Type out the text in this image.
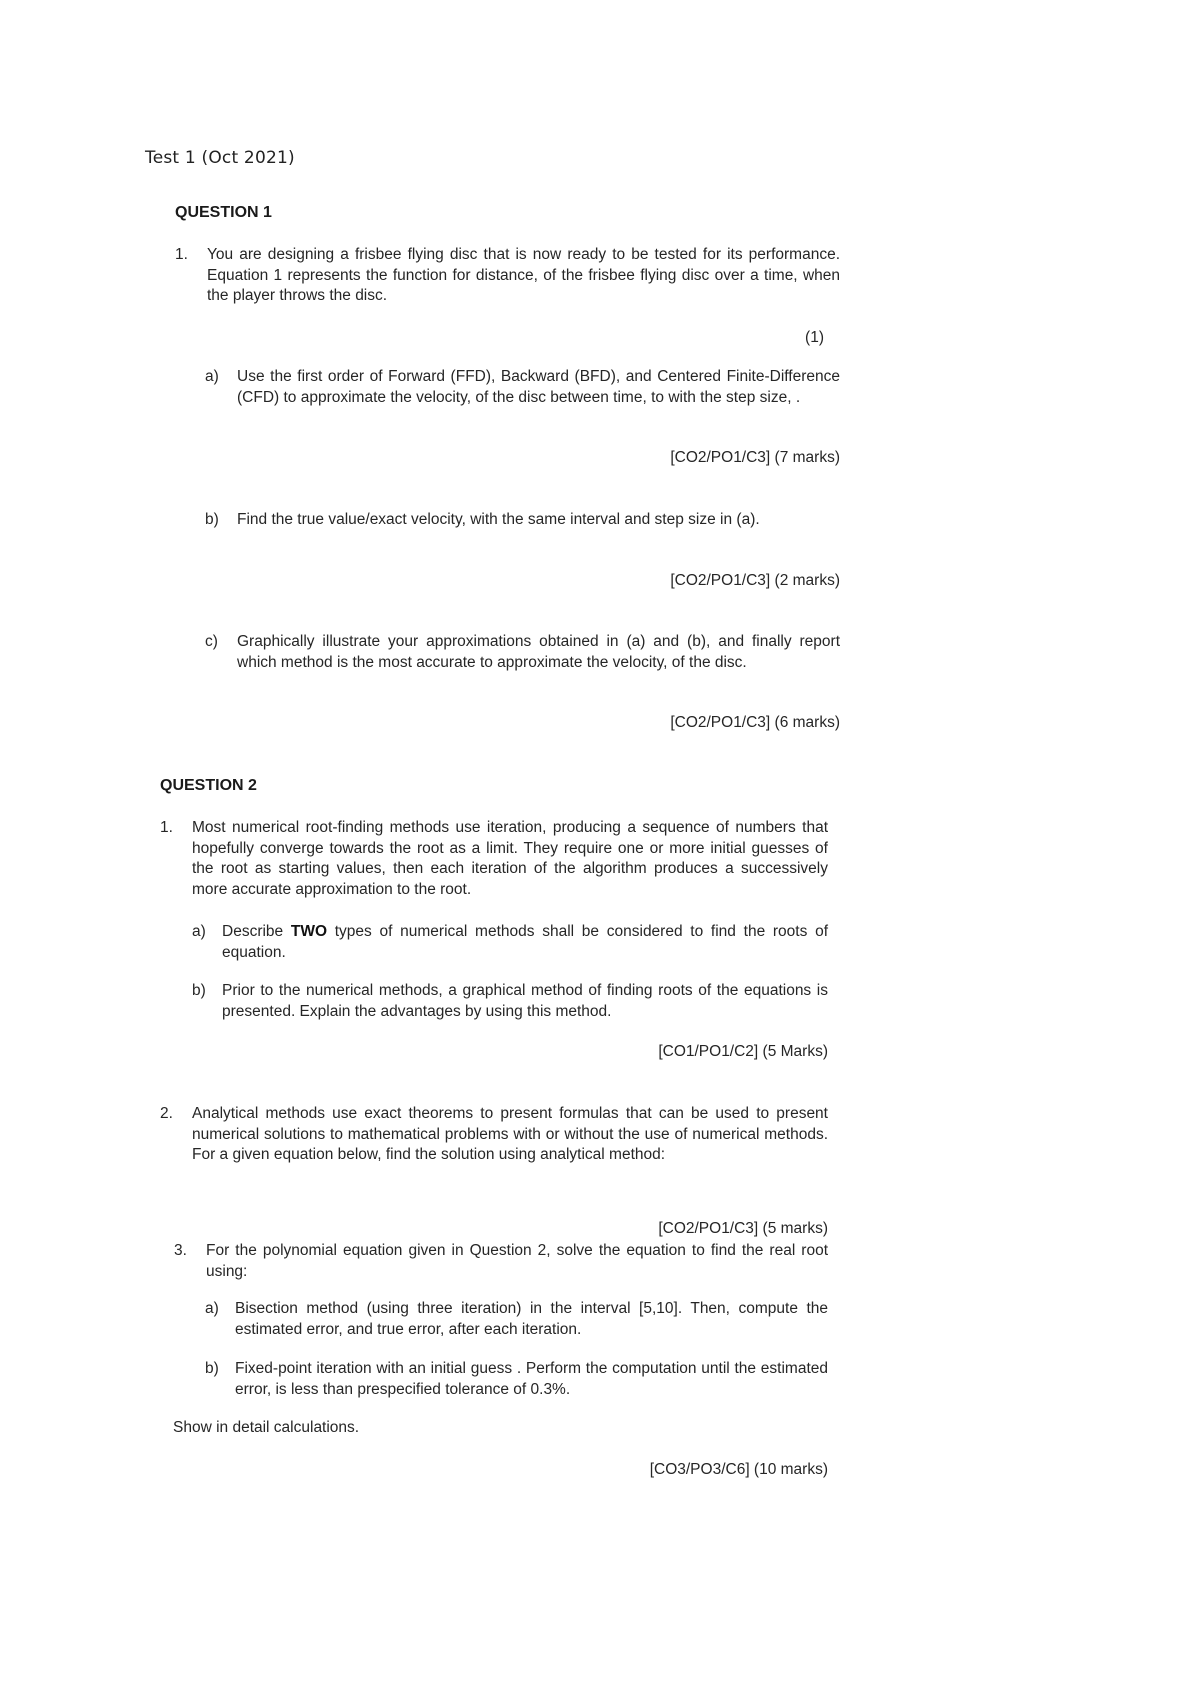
Test 1 (Oct 2021)
QUESTION 1
1.	You are designing a frisbee flying disc that is now ready to be tested for its performance. Equation 1 represents the function for distance, of the frisbee flying disc over a time, when the player throws the disc.
(1)
a)	Use the first order of Forward (FFD), Backward (BFD), and Centered Finite-Difference (CFD) to approximate the velocity, of the disc between time, to with the step size, .
[CO2/PO1/C3] (7 marks)
b)	Find the true value/exact velocity, with the same interval and step size in (a).
[CO2/PO1/C3] (2 marks)
c)	Graphically illustrate your approximations obtained in (a) and (b), and finally report which method is the most accurate to approximate the velocity, of the disc.
[CO2/PO1/C3] (6 marks)
QUESTION 2
1.	Most numerical root-finding methods use iteration, producing a sequence of numbers that hopefully converge towards the root as a limit. They require one or more initial guesses of the root as starting values, then each iteration of the algorithm produces a successively more accurate approximation to the root.
a)	Describe TWO types of numerical methods shall be considered to find the roots of equation.
b)	Prior to the numerical methods, a graphical method of finding roots of the equations is presented. Explain the advantages by using this method.
[CO1/PO1/C2] (5 Marks)
2.	Analytical methods use exact theorems to present formulas that can be used to present numerical solutions to mathematical problems with or without the use of numerical methods. For a given equation below, find the solution using analytical method:
[CO2/PO1/C3] (5 marks)
3.	For the polynomial equation given in Question 2, solve the equation to find the real root using:
a)	Bisection method (using three iteration) in the interval [5,10]. Then, compute the estimated error, and true error, after each iteration.
b)	Fixed-point iteration with an initial guess . Perform the computation until the estimated error, is less than prespecified tolerance of 0.3%.
Show in detail calculations.
[CO3/PO3/C6] (10 marks)
